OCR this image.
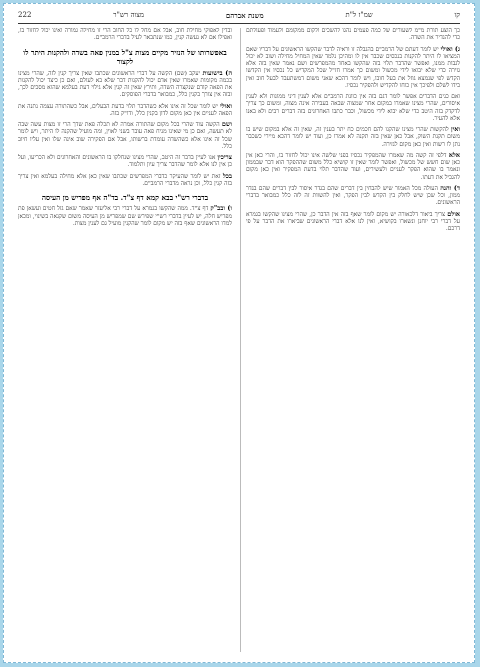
קו
שמ"ז ל"ת
משנת אברהם
מצוה רש"ר
222

כך הוצע תורת מ"מ לשעורים של כמה פעמים נהגו להשכים ולקום ממקומם ולעמוד ופעולתם כדי להגדיר את השדה.

ג) ואולי יש לומר דעתם של הרמב"ם בהגבלה זו וראיה לדבר שהקשו הראשונים על דבריו שאם המציאו לו היתר להקנות בנכסים שכבר אין לו ומהיכן נלמד שאין המחיל מחילה ושוב לא יכול לגבות ממנו, ואפשר שהדבר תלוי בזה שהקשו באחד מהמפרשים ושם נאמר שאין בזה אלא גזירה כדי שלא יבואו לידי מכשול ומשום כך אמרו חז"ל שכל המקדיש כל נכסיו אין הקדשו הקדש לפי שנמצא גוזל את בעל חובו, ויש לומר דהכא שאני משום דמשתעבד לבעל חוב ואין בידו לשלם ולפיכך אין כוחו להקדיש ולהפקיר נכסיו.

ואם כנים הדברים אפשר לומר דגם בזה אין כוונת הרמב"ם אלא לענין דיני ממונות ולא לענין איסורים, שהרי מצינו שאמרו במקום אחר שמצוה שבאה בעבירה אינה מצוה, ומשום כך צריך לדקדק בזה היטב כדי שלא יבוא לידי מכשול, וכבר כתבו האחרונים בזה דברים רבים ולא באנו אלא להעיר.

ואין להקשות שהרי מצינו שהקנו להם חכמים כח יתר בענין זה, שאין זה אלא במקום שיש בו משום תקנת השוק, אבל כאן שאין בזה תקנה לא אמרו כן, ועוד יש לומר דהכא מיירי כשכבר נתן לו רשות ואין כאן מקום לגזירה.

אלא דלפי זה קשה מה שאמרו שהמפקיר נכסיו בפני שלשה אינו יכול לחזור בו, והרי כאן אין כאן שום חשש של מכשול, ואפשר לומר שאין זו קושיא כלל משום שההפקר הוא דבר שבממון ונאמר בו שהוא הפקר לעניים ולעשירים, ועוד שהדבר תלוי בדעת המפקיר ואין כאן מקום להגביל את דעתו.

ד) והנה העולה מכל האמור שיש להבחין בין דברים שהם בגדר איסור לבין דברים שהם בגדר ממון, וכל שכן שיש לחלק בין הקדש לבין הפקר, ואין להשוות זה לזה כלל כמבואר בדברי הראשונים.

אולם צריך ביאור דלכאורה יש מקום לומר שאף בזה אין הדבר כן, שהרי מצינו שהקשו בגמרא על דברי רבי יוחנן ונשארו בקושיא, ואין לנו אלא דברי הראשונים שביארו את הדבר על פי דרכם.

ובדין לאפוקי מחילת חוב, אבל אם מחל לו כל החוב הרי זו מחילה גמורה ואינו יכול לחזור בו, ואפילו אם לא נעשה קנין, כמו שנתבאר לעיל בדברי הרמב"ם.

באפשרותו של הנזיר מקיים מצות צ"ל במנין פאה בשדה ולהקנות היתר לו לקצור

ה) בישועות יעקב (שם) הקשה על דברי הראשונים שכתבו שאין צריך קנין לזה, שהרי מצינו בכמה מקומות שאמרו שאין אדם יכול להקנות דבר שלא בא לעולם, ואם כן כיצד יכול להקנות את הפאה קודם שנקצרה השדה, ותירץ שאין זה קנין אלא גילוי דעת בעלמא שהוא מסכים לכך, ובזה אין צורך בקנין כלל, כמבואר בדברי הפוסקים.

ואולי יש לומר שכל זה אינו אלא כשהדבר תלוי בדעת הבעלים, אבל כשהתורה עצמה נתנה את הפאה לעניים אין כאן מקום לדון בקנין כלל, ודו"ק בזה.

ושם הקשה עוד שהרי בכל מקום שהתורה אמרה לא תכלה פאת שדך הרי זו מצות עשה שבה לא תעשה, ואם כן מי שאינו מניח פאה עובר בשני לאוין, ומה מועיל שהקנה לו היתר, ויש לומר שכל זה אינו אלא כשהשדה עומדת ברשותו, אבל אם הפקירה שוב אינה שלו ואין עליו חיוב כלל.

צריכין אנו לעיין בדבר זה היטב, שהרי מצינו שנחלקו בו הראשונים והאחרונים ולא הכריעו, ועל כן אין לנו אלא לומר שהדבר צריך עיון ותלמוד.

בכל זאת יש לומר שהעיקר כדברי המפרשים שכתבו שאין כאן אלא מחילה בעלמא ואין צריך בזה קנין כלל, וכן נראה מדברי הרמב"ם.

בדברי רש"י בבא קמא דף צ"ד. בד"ה אף מפריש מן העיסה

ו) ובב"ק דף צ"ד. ממה שהקשו בגמרא על דברי רבי אליעזר שאמר שאם גזל חטים ועשאן פת מפריש חלה, יש לעיין בדברי רש"י שפירש שם שמפריש מן העיסה משום שקנאה בשינוי, ומכאן למדו הראשונים שאף בזה יש מקום לומר שהקנין מועיל גם לענין מצות.
